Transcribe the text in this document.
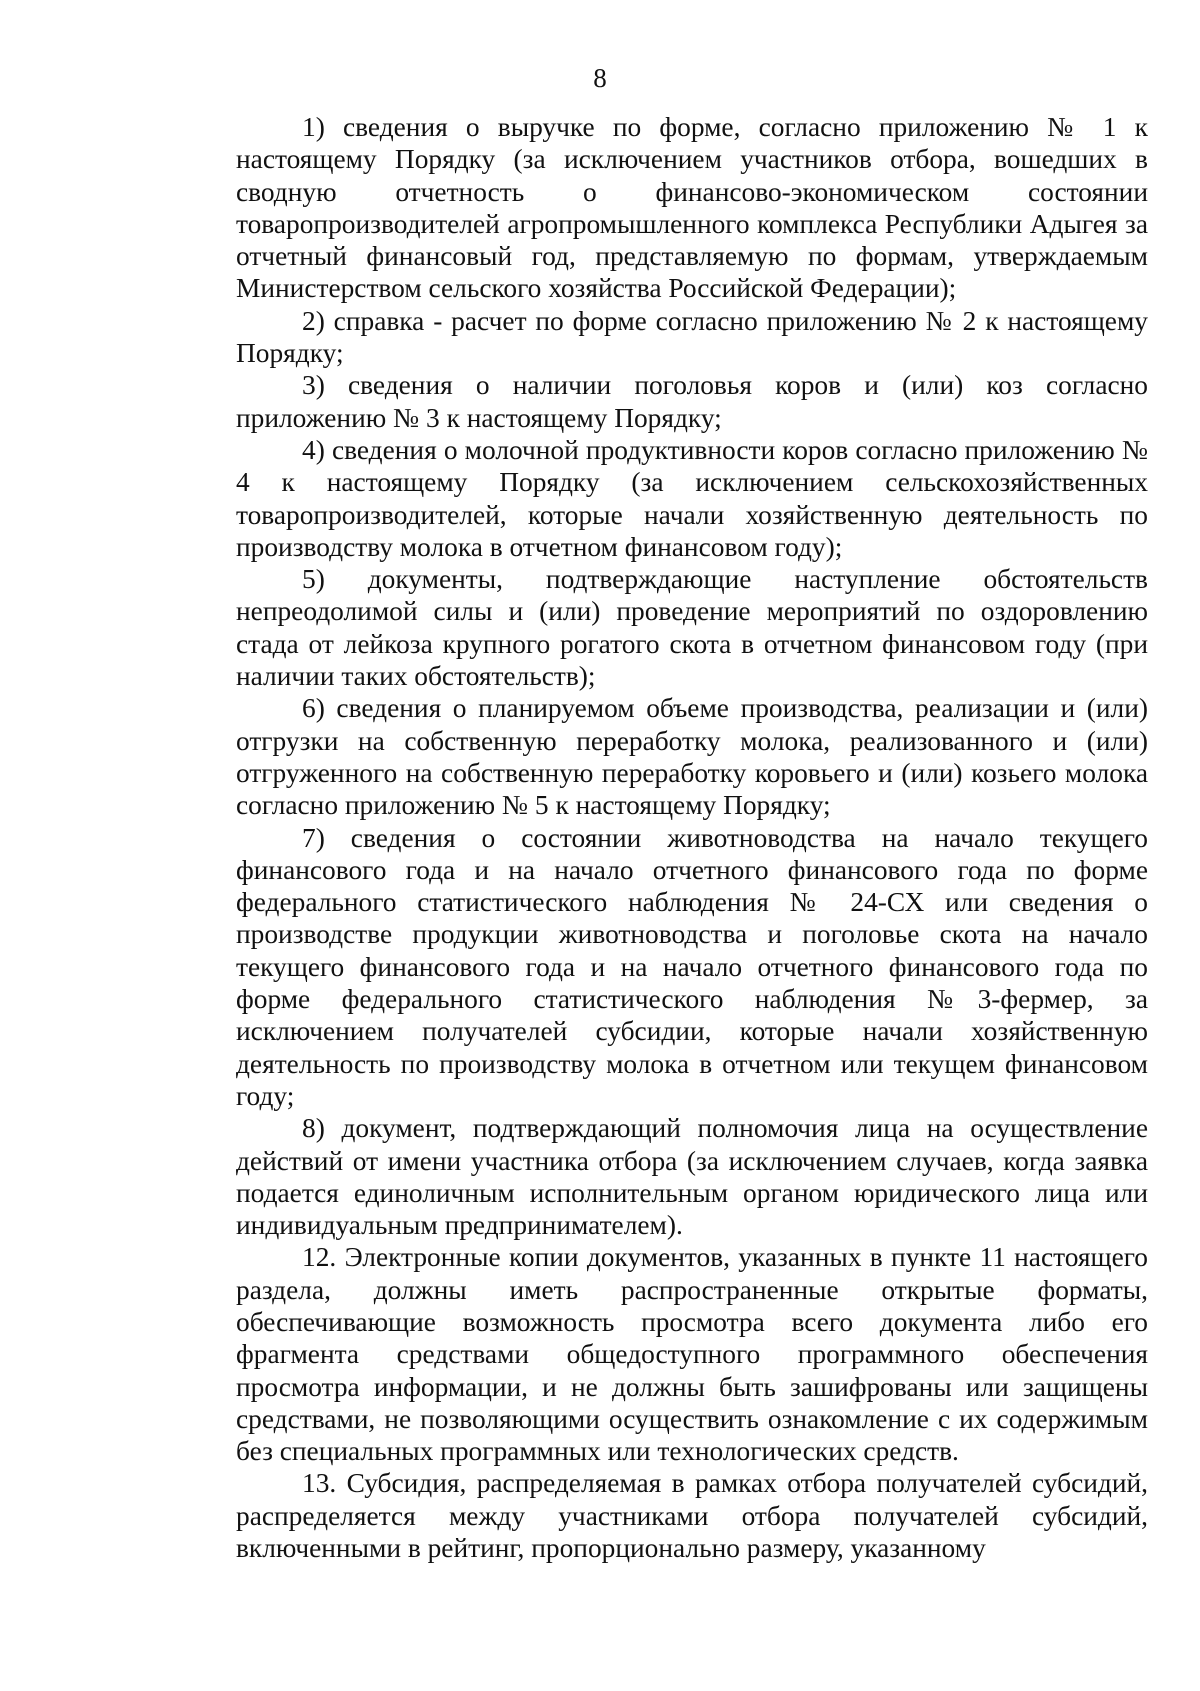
8

1) сведения о выручке по форме, согласно приложению № 1 к настоящему Порядку (за исключением участников отбора, вошедших в сводную отчетность о финансово-экономическом состоянии товаропроизводителей агропромышленного комплекса Республики Адыгея за отчетный финансовый год, представляемую по формам, утверждаемым Министерством сельского хозяйства Российской Федерации);

2) справка - расчет по форме согласно приложению № 2 к настоящему Порядку;

3) сведения о наличии поголовья коров и (или) коз согласно приложению № 3 к настоящему Порядку;

4) сведения о молочной продуктивности коров согласно приложению № 4 к настоящему Порядку (за исключением сельскохозяйственных товаропроизводителей, которые начали хозяйственную деятельность по производству молока в отчетном финансовом году);

5) документы, подтверждающие наступление обстоятельств непреодолимой силы и (или) проведение мероприятий по оздоровлению стада от лейкоза крупного рогатого скота в отчетном финансовом году (при наличии таких обстоятельств);

6) сведения о планируемом объеме производства, реализации и (или) отгрузки на собственную переработку молока, реализованного и (или) отгруженного на собственную переработку коровьего и (или) козьего молока согласно приложению № 5 к настоящему Порядку;

7) сведения о состоянии животноводства на начало текущего финансового года и на начало отчетного финансового года по форме федерального статистического наблюдения № 24-СХ или сведения о производстве продукции животноводства и поголовье скота на начало текущего финансового года и на начало отчетного финансового года по форме федерального статистического наблюдения №3-фермер, за исключением получателей субсидии, которые начали хозяйственную деятельность по производству молока в отчетном или текущем финансовом году;

8) документ, подтверждающий полномочия лица на осуществление действий от имени участника отбора (за исключением случаев, когда заявка подается единоличным исполнительным органом юридического лица или индивидуальным предпринимателем).

12. Электронные копии документов, указанных в пункте 11 настоящего раздела, должны иметь распространенные открытые форматы, обеспечивающие возможность просмотра всего документа либо его фрагмента средствами общедоступного программного обеспечения просмотра информации, и не должны быть зашифрованы или защищены средствами, не позволяющими осуществить ознакомление с их содержимым без специальных программных или технологических средств.

13. Субсидия, распределяемая в рамках отбора получателей субсидий, распределяется между участниками отбора получателей субсидий, включенными в рейтинг, пропорционально размеру, указанному
